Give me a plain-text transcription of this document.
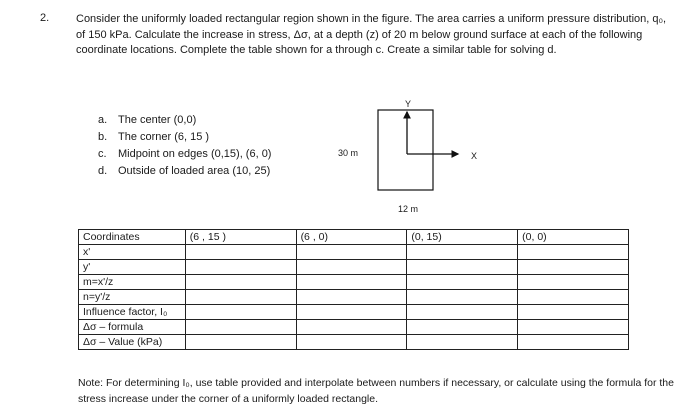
2. Consider the uniformly loaded rectangular region shown in the figure. The area carries a uniform pressure distribution, q₀, of 150 kPa. Calculate the increase in stress, Δσ, at a depth (z) of 20 m below ground surface at each of the following coordinate locations. Complete the table shown for a through c. Create a similar table for solving d.
a. The center (0,0)
b. The corner (6, 15 )
c.	Midpoint on edges (0,15), (6, 0)
d. Outside of loaded area (10, 25)
Y
X
30 m
12 m
Coordinates	(6 , 15 )	(6 , 0)	(0, 15)	(0, 0)
x'				
y'				
m=x'/z				
n=y'/z				
Influence factor, I₀				
Δσ – formula				
Δσ – Value (kPa)				
Note: For determining I₀, use table provided and interpolate between numbers if necessary, or calculate using the formula for the stress increase under the corner of a uniformly loaded rectangle.
